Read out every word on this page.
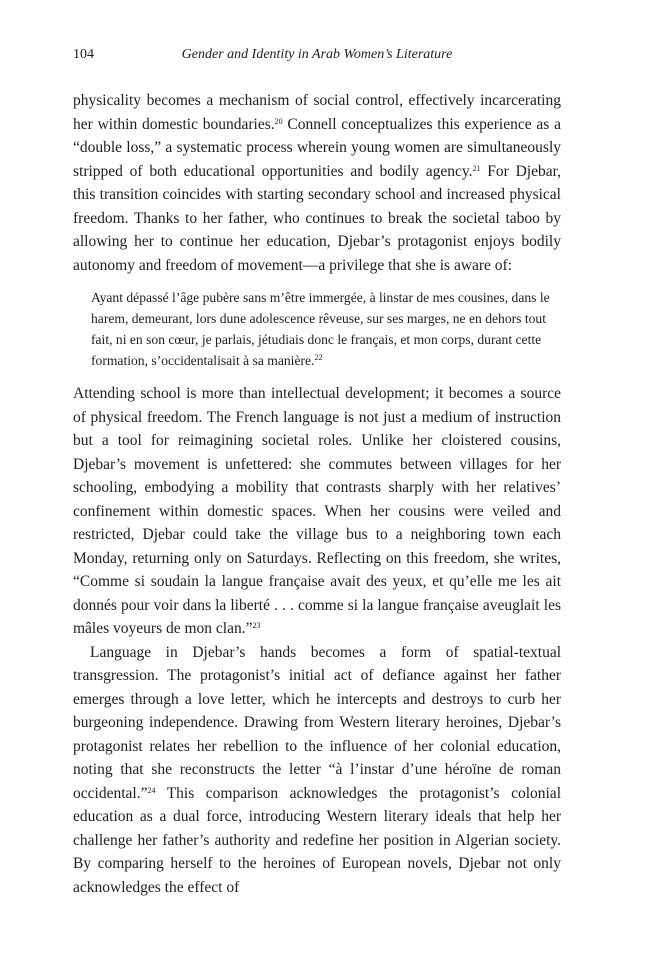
104	Gender and Identity in Arab Women’s Literature

physicality becomes a mechanism of social control, effectively incarcerating her within domestic boundaries.$^{20}$ Connell conceptualizes this experience as a “double loss,” a systematic process wherein young women are simultaneously stripped of both educational opportunities and bodily agency.$^{21}$ For Djebar, this transition coincides with starting secondary school and increased physical freedom. Thanks to her father, who continues to break the societal taboo by allowing her to continue her education, Djebar’s protagonist enjoys bodily autonomy and freedom of movement—a privilege that she is aware of:

Ayant dépassé l’âge pubère sans m’être immergée, à linstar de mes cousines, dans le harem, demeurant, lors dune adolescence rêveuse, sur ses marges, ne en dehors tout fait, ni en son cœur, je parlais, jétudiais donc le français, et mon corps, durant cette formation, s’occidentalisait à sa manière.$^{22}$

Attending school is more than intellectual development; it becomes a source of physical freedom. The French language is not just a medium of instruction but a tool for reimagining societal roles. Unlike her cloistered cousins, Djebar’s movement is unfettered: she commutes between villages for her schooling, embodying a mobility that contrasts sharply with her relatives’ confinement within domestic spaces. When her cousins were veiled and restricted, Djebar could take the village bus to a neighboring town each Monday, returning only on Saturdays. Reflecting on this freedom, she writes, “Comme si soudain la langue française avait des yeux, et qu’elle me les ait donnés pour voir dans la liberté . . . comme si la langue française aveuglait les mâles voyeurs de mon clan.”$^{23}$

Language in Djebar’s hands becomes a form of spatial-textual transgression. The protagonist’s initial act of defiance against her father emerges through a love letter, which he intercepts and destroys to curb her burgeoning independence. Drawing from Western literary heroines, Djebar’s protagonist relates her rebellion to the influence of her colonial education, noting that she reconstructs the letter “à l’instar d’une héroïne de roman occidental.”$^{24}$ This comparison acknowledges the protagonist’s colonial education as a dual force, introducing Western literary ideals that help her challenge her father’s authority and redefine her position in Algerian society. By comparing herself to the heroines of European novels, Djebar not only acknowledges the effect of
